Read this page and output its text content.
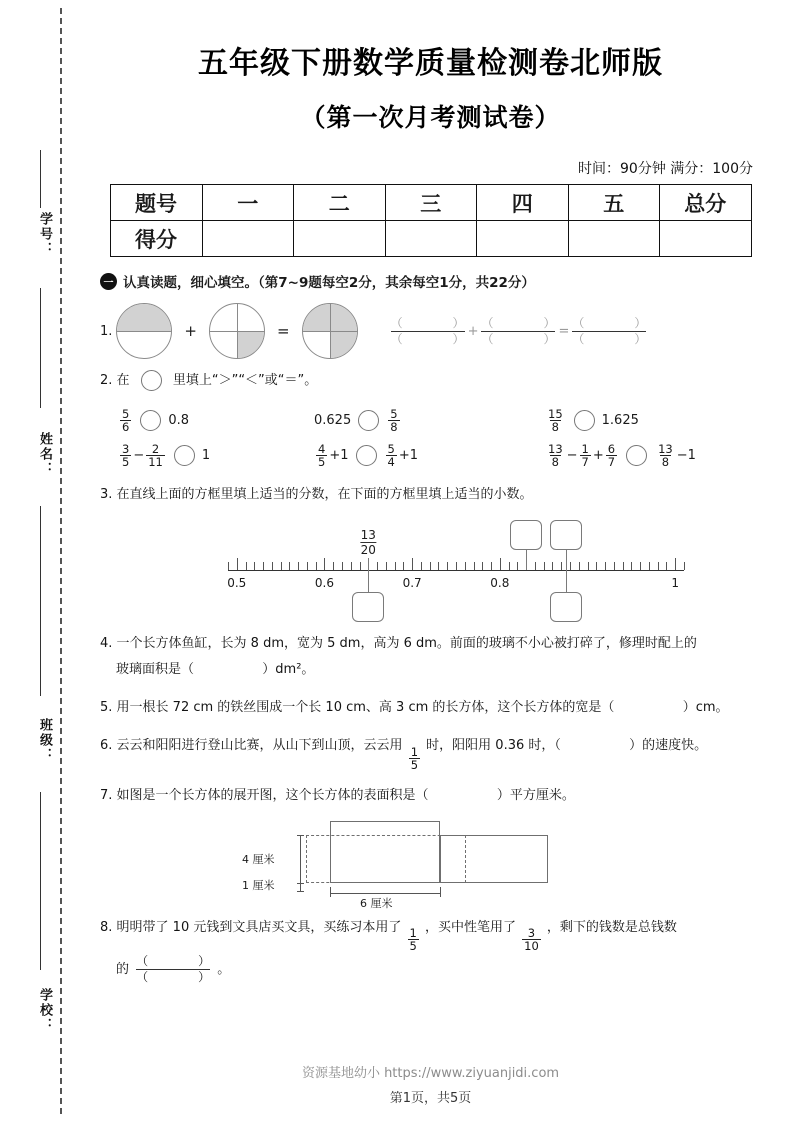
学号：
姓名：
班级：
学校：
五年级下册数学质量检测卷北师版
（第一次月考测试卷）
时间：90分钟 满分：100分
题号	一	二	三	四	五	总分
得分						
一 认真读题，细心填空。（第7~9题每空2分，其余每空1分，共22分）
1.	+	=	（	）
（	） +
（	）
（	） =
（	）
（	）
2. 在	里填上“＞”“＜”或“＝”。
$\frac{5}{6}$	0.8	0.625	$\frac{5}{8}$	$\frac{15}{8}$	1.625
$\frac{3}{5} - \frac{2}{11}$	1	$\frac{4}{5} +1$	$\frac{5}{4} +1$	$\frac{13}{8} - \frac{1}{7} + \frac{6}{7}$	$\frac{13}{8} -1$
3. 在直线上面的方框里填上适当的分数，在下面的方框里填上适当的小数。
0.5	0.6	0.7	0.8	1
$\frac{13}{20}$
4. 一个长方体鱼缸，长为 8 dm，宽为 5 dm，高为 6 dm。前面的玻璃不小心被打碎了，修理时配上的
玻璃面积是（	）dm²。
5. 用一根长 72 cm 的铁丝围成一个长 10 cm、高 3 cm 的长方体，这个长方体的宽是（	）cm。
6. 云云和阳阳进行登山比赛，从山下到山顶，云云用 $\frac{1}{5}$ 时，阳阳用 0.36 时，（	）的速度快。
7. 如图是一个长方体的展开图，这个长方体的表面积是（	）平方厘米。
4 厘米
1 厘米
6 厘米
8. 明明带了 10 元钱到文具店买文具，买练习本用了 $\frac{1}{5}$ ，买中性笔用了 $\frac{3}{10}$ ，剩下的钱数是总钱数
的
（	）
（	） 。
资源基地幼小 https://www.ziyuanjidi.com
第1页，共5页
